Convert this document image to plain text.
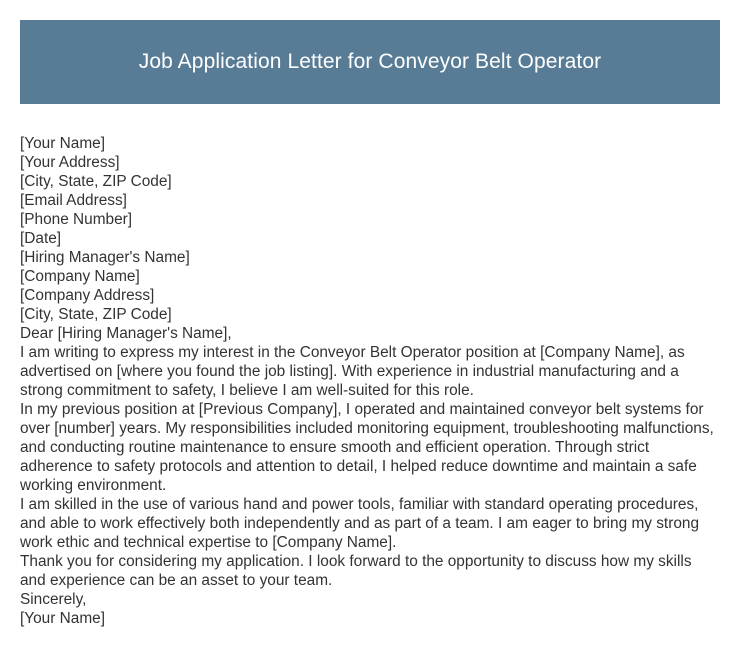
Job Application Letter for Conveyor Belt Operator
[Your Name]
[Your Address]
[City, State, ZIP Code]
[Email Address]
[Phone Number]
[Date]
[Hiring Manager's Name]
[Company Name]
[Company Address]
[City, State, ZIP Code]
Dear [Hiring Manager's Name],
I am writing to express my interest in the Conveyor Belt Operator position at [Company Name], as advertised on [where you found the job listing]. With experience in industrial manufacturing and a strong commitment to safety, I believe I am well-suited for this role.
In my previous position at [Previous Company], I operated and maintained conveyor belt systems for over [number] years. My responsibilities included monitoring equipment, troubleshooting malfunctions, and conducting routine maintenance to ensure smooth and efficient operation. Through strict adherence to safety protocols and attention to detail, I helped reduce downtime and maintain a safe working environment.
I am skilled in the use of various hand and power tools, familiar with standard operating procedures, and able to work effectively both independently and as part of a team. I am eager to bring my strong work ethic and technical expertise to [Company Name].
Thank you for considering my application. I look forward to the opportunity to discuss how my skills and experience can be an asset to your team.
Sincerely,
[Your Name]
